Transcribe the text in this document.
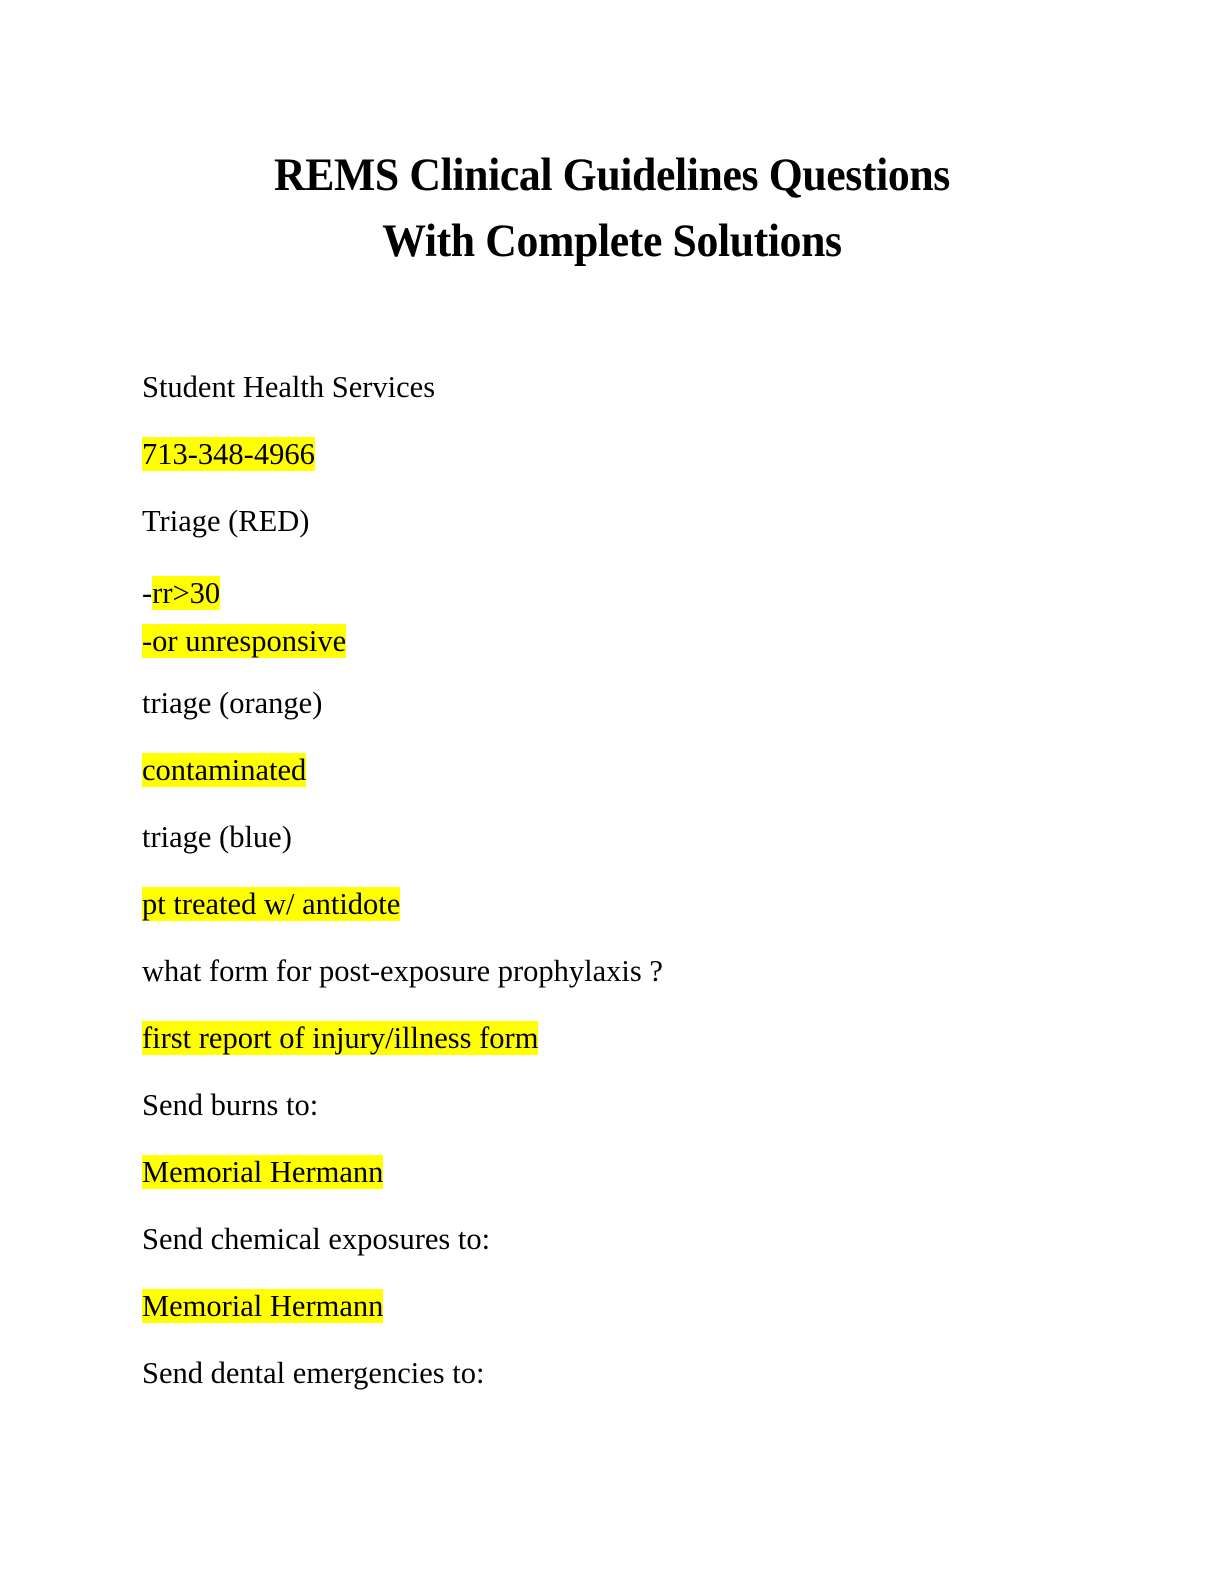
REMS Clinical Guidelines Questions
With Complete Solutions

Student Health Services

713-348-4966

Triage (RED)

-rr>30
-or unresponsive

triage (orange)

contaminated

triage (blue)

pt treated w/ antidote

what form for post-exposure prophylaxis ?

first report of injury/illness form

Send burns to:

Memorial Hermann

Send chemical exposures to:

Memorial Hermann

Send dental emergencies to:
